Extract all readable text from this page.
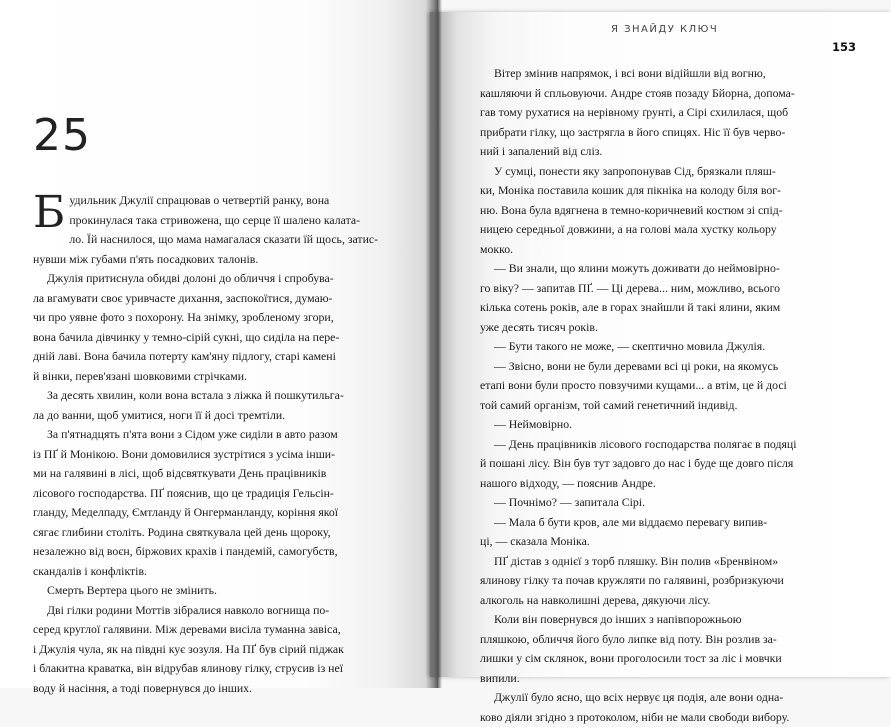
25
Б удильник Джулії спрацював о четвертій ранку, вона
прокинулася така стривожена, що серце її шалено калата-
ло. Їй наснилося, що мама намагалася сказати їй щось, затис-
нувши між губами п'ять посадкових талонів.
Джулія притиснула обидві долоні до обличчя і спробува-
ла вгамувати своє уривчасте дихання, заспокоїтися, думаю-
чи про уявне фото з похорону. На знімку, зробленому згори,
вона бачила дівчинку у темно-сірій сукні, що сиділа на пере-
дній лаві. Вона бачила потерту кам'яну підлогу, старі камені
й вінки, перев'язані шовковими стрічками.
За десять хвилин, коли вона встала з ліжка й пошкутильга-
ла до ванни, щоб умитися, ноги її й досі тремтіли.
За п'ятнадцять п'ята вони з Сідом уже сиділи в авто разом
із ПҐ й Монікою. Вони домовилися зустрітися з усіма інши-
ми на галявині в лісі, щоб відсвяткувати День працівників
лісового господарства. ПҐ пояснив, що це традиція Гельсін-
гланду, Меделпаду, Ємтланду й Онгерманланду, коріння якої
сягає глибини століть. Родина святкувала цей день щороку,
незалежно від воєн, біржових крахів і пандемій, самогубств,
скандалів і конфліктів.
Смерть Вертера цього не змінить.
Дві гілки родини Моттів зібралися навколо вогнища по-
серед круглої галявини. Між деревами висіла туманна завіса,
і Джулія чула, як на півдні кує зозуля. На ПҐ був сірий піджак
і блакитна краватка, він відрубав ялинову гілку, струсив із неї
воду й насіння, а тоді повернувся до інших.
Я ЗНАЙДУ КЛЮЧ
153
Вітер змінив напрямок, і всі вони відійшли від вогню,
кашляючи й спльовуючи. Андре стояв позаду Бйорна, допома-
гав тому рухатися на нерівному ґрунті, а Сірі схилилася, щоб
прибрати гілку, що застрягла в його спицях. Ніс її був черво-
ний і запалений від сліз.
У сумці, понести яку запропонував Сід, брязкали пляш-
ки, Моніка поставила кошик для пікніка на колоду біля вог-
ню. Вона була вдягнена в темно-коричневий костюм зі спід-
ницею середньої довжини, а на голові мала хустку кольору
мокко.
— Ви знали, що ялини можуть доживати до неймовірно-
го віку? — запитав ПҐ. — Ці дерева... ним, можливо, всього
кілька сотень років, але в горах знайшли й такі ялини, яким
уже десять тисяч років.
— Бути такого не може, — скептично мовила Джулія.
— Звісно, вони не були деревами всі ці роки, на якомусь
етапі вони були просто повзучими кущами... а втім, це й досі
той самий організм, той самий генетичний індивід.
— Неймовірно.
— День працівників лісового господарства полягає в подяці
й пошані лісу. Він був тут задовго до нас і буде ще довго після
нашого відходу, — пояснив Андре.
— Почнімо? — запитала Сірі.
— Мала б бути кров, але ми віддаємо перевагу випив-
ці, — сказала Моніка.
ПҐ дістав з однієї з торб пляшку. Він полив «Бренвіном»
ялинову гілку та почав кружляти по галявині, розбризкуючи
алкоголь на навколишні дерева, дякуючи лісу.
Коли він повернувся до інших з напівпорожньою
пляшкою, обличчя його було липке від поту. Він розлив за-
лишки у сім склянок, вони проголосили тост за ліс і мовчки
випили.
Джулії було ясно, що всіх нервує ця подія, але вони одна-
ково діяли згідно з протоколом, ніби не мали свободи вибору.
